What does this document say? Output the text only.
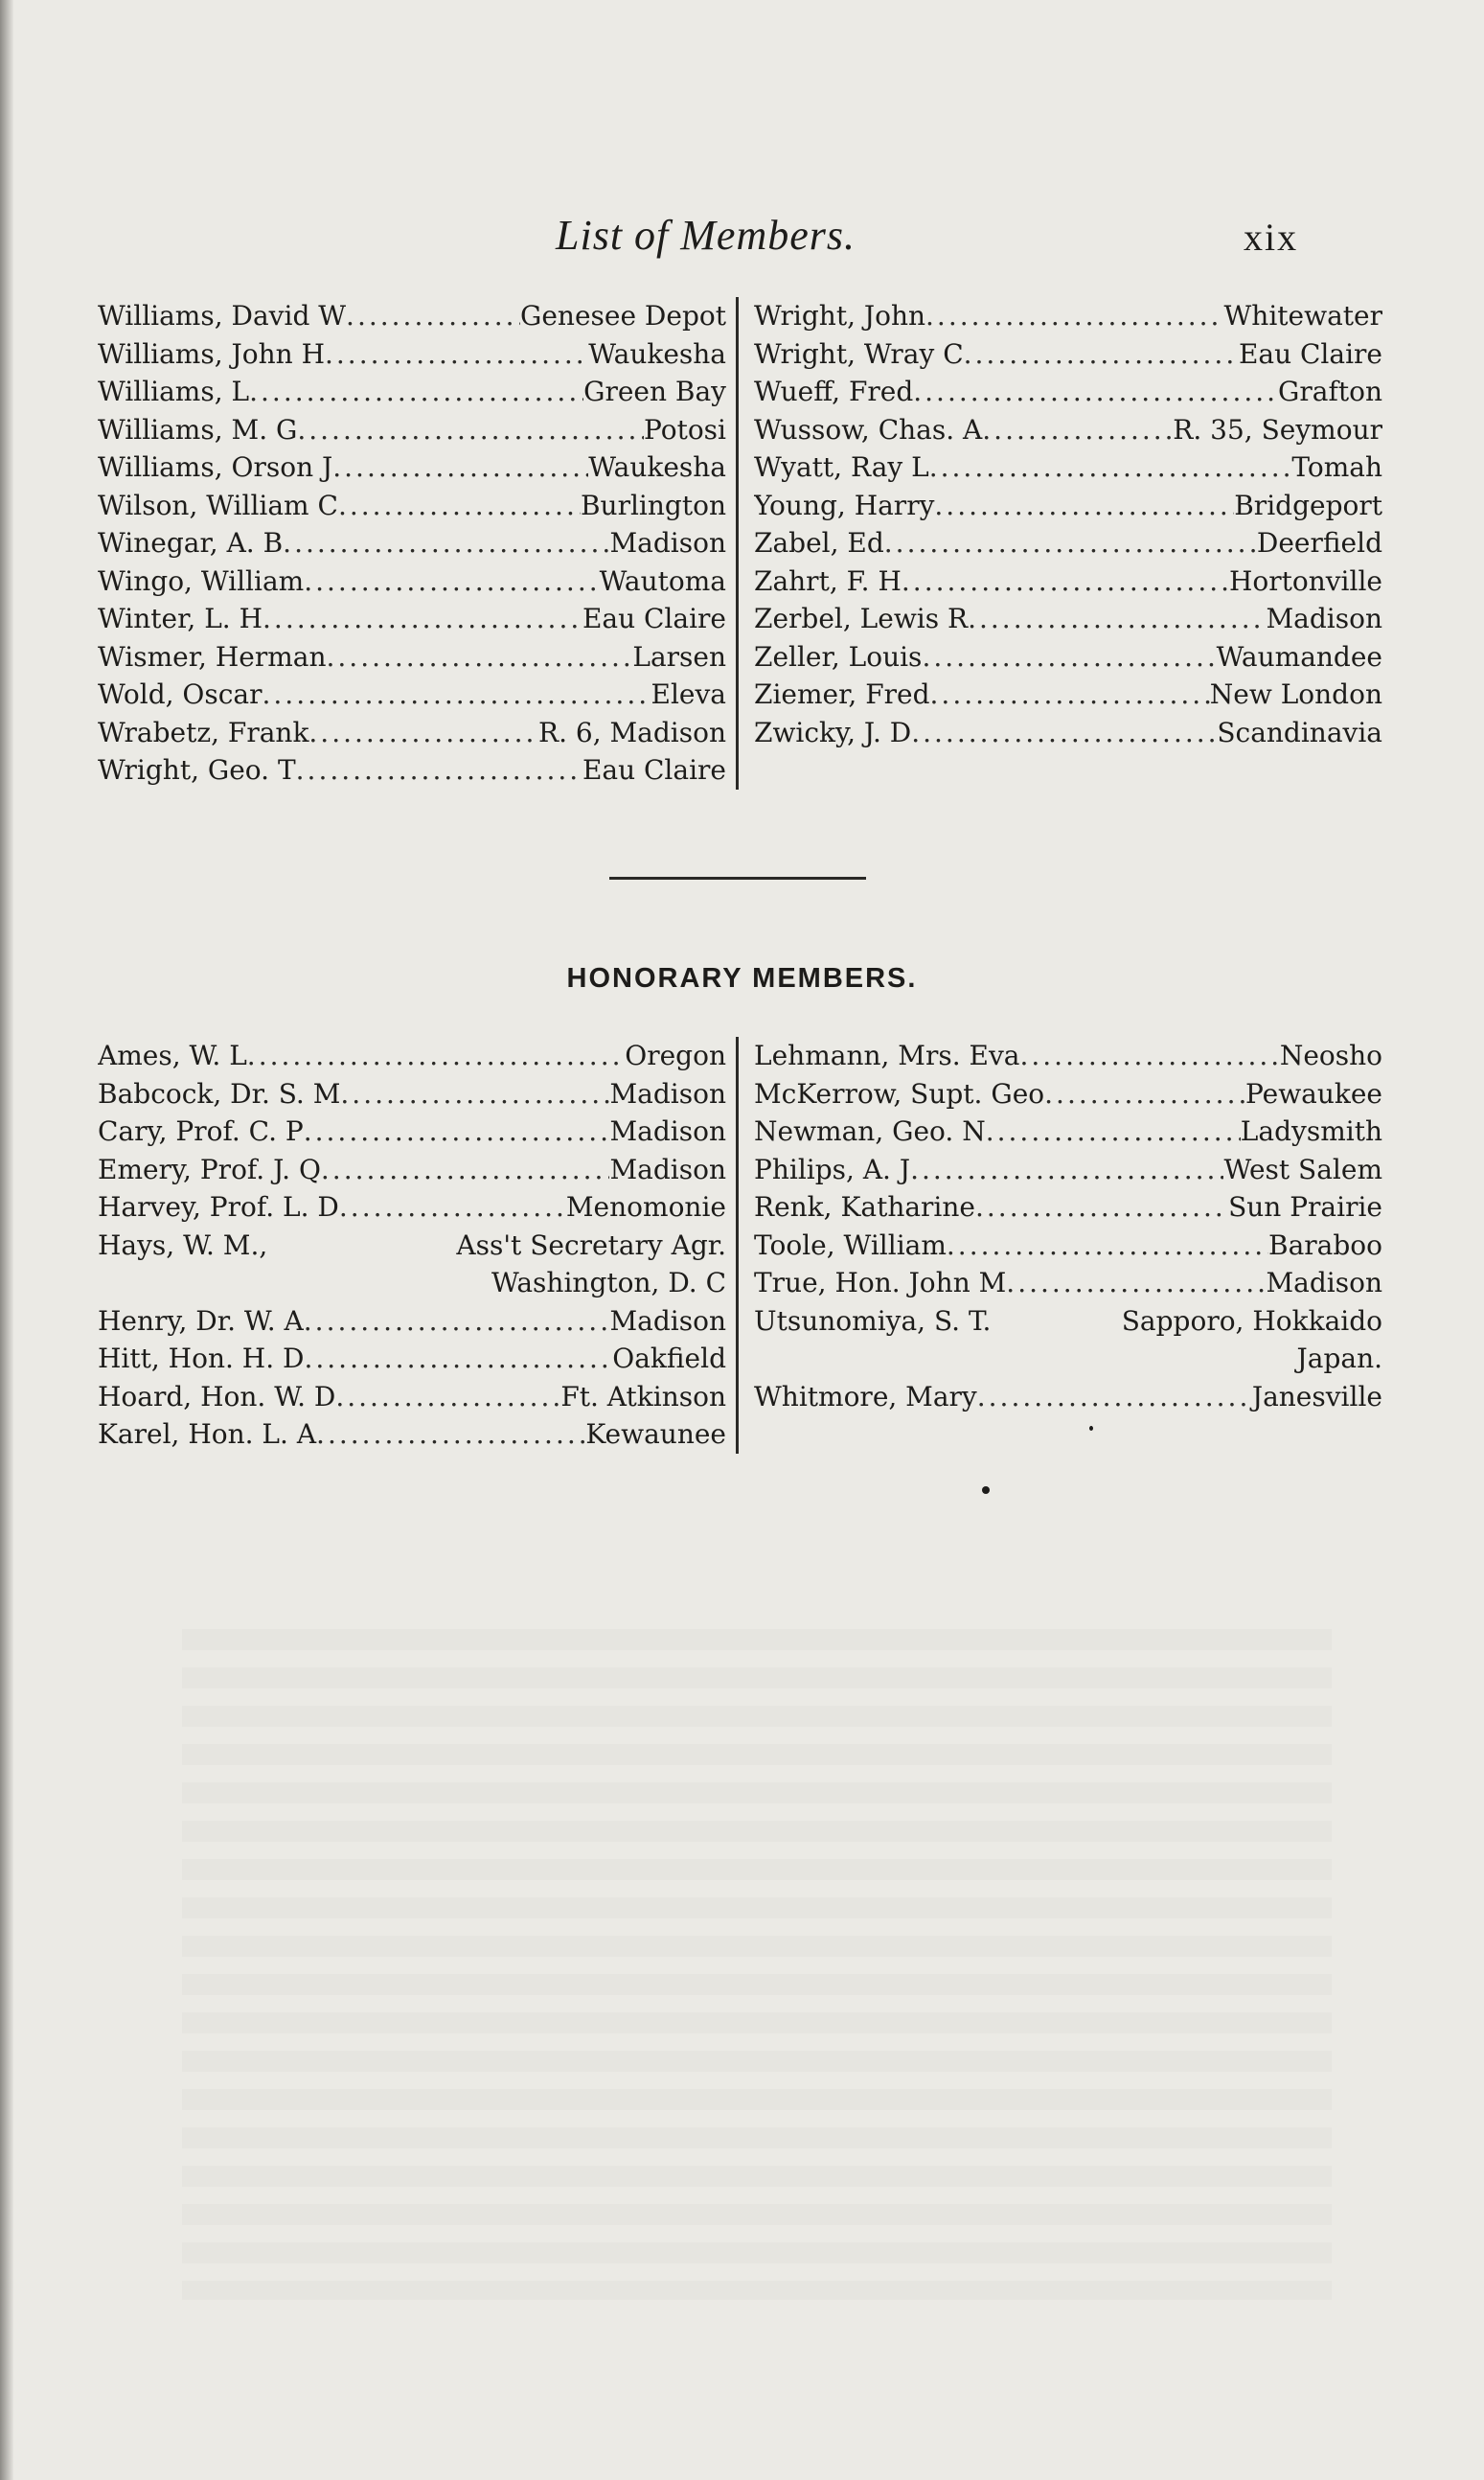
List of Members.	xix
Williams, David W .....	Genesee Depot
Williams, John H .....	Waukesha
Williams, L .....	Green Bay
Williams, M. G .....	Potosi
Williams, Orson J .....	Waukesha
Wilson, William C .....	Burlington
Winegar, A. B .....	Madison
Wingo, William .....	Wautoma
Winter, L. H .....	Eau Claire
Wismer, Herman .....	Larsen
Wold, Oscar .....	Eleva
Wrabetz, Frank .....	R. 6, Madison
Wright, Geo. T .....	Eau Claire
Wright, John .....	Whitewater
Wright, Wray C .....	Eau Claire
Wueff, Fred .....	Grafton
Wussow, Chas. A .....	R. 35, Seymour
Wyatt, Ray L .....	Tomah
Young, Harry .....	Bridgeport
Zabel, Ed .....	Deerfield
Zahrt, F. H .....	Hortonville
Zerbel, Lewis R .....	Madison
Zeller, Louis .....	Waumandee
Ziemer, Fred .....	New London
Zwicky, J. D .....	Scandinavia
HONORARY MEMBERS.
Ames, W. L .....	Oregon
Babcock, Dr. S. M .....	Madison
Cary, Prof. C. P .....	Madison
Emery, Prof. J. Q .....	Madison
Harvey, Prof. L. D .....	Menomonie
Hays, W. M.,	Ass't Secretary Agr.
Washington, D. C
Henry, Dr. W. A .....	Madison
Hitt, Hon. H. D .....	Oakfield
Hoard, Hon. W. D .....	Ft. Atkinson
Karel, Hon. L. A .....	Kewaunee
Lehmann, Mrs. Eva .....	Neosho
McKerrow, Supt. Geo .....	Pewaukee
Newman, Geo. N .....	Ladysmith
Philips, A. J .....	West Salem
Renk, Katharine .....	Sun Prairie
Toole, William .....	Baraboo
True, Hon. John M .....	Madison
Utsunomiya, S. T.	Sapporo, Hokkaido
Japan.
Whitmore, Mary .....	Janesville
